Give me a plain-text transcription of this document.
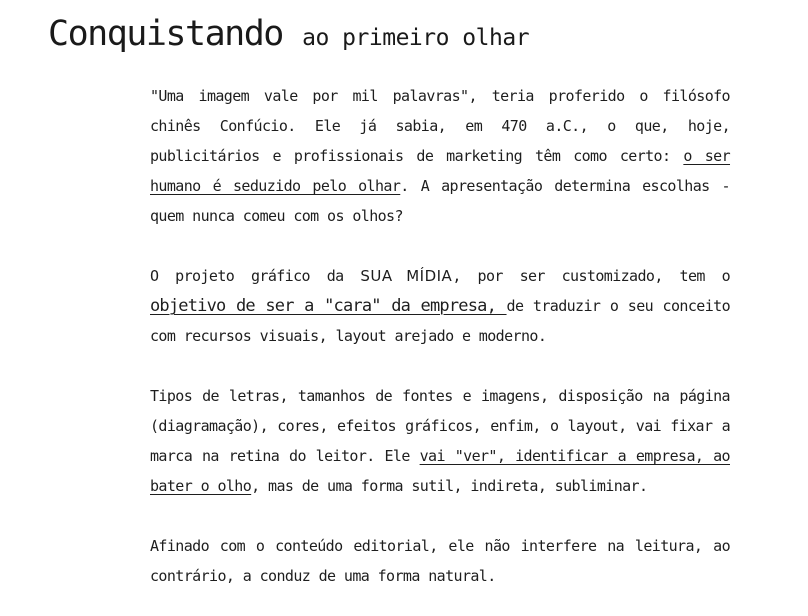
Conquistando ao primeiro olhar

"Uma imagem vale por mil palavras", teria proferido o filósofo chinês Confúcio. Ele já sabia, em 470 a.C., o que, hoje, publicitários e profissionais de marketing têm como certo: o ser humano é seduzido pelo olhar. A apresentação determina escolhas - quem nunca comeu com os olhos?

O projeto gráfico da SUA MÍDIA, por ser customizado, tem o objetivo de ser a "cara" da empresa, de traduzir o seu conceito com recursos visuais, layout arejado e moderno.

Tipos de letras, tamanhos de fontes e imagens, disposição na página (diagramação), cores, efeitos gráficos, enfim, o layout, vai fixar a marca na retina do leitor. Ele vai "ver", identificar a empresa, ao bater o olho, mas de uma forma sutil, indireta, subliminar.

Afinado com o conteúdo editorial, ele não interfere na leitura, ao contrário, a conduz de uma forma natural.
